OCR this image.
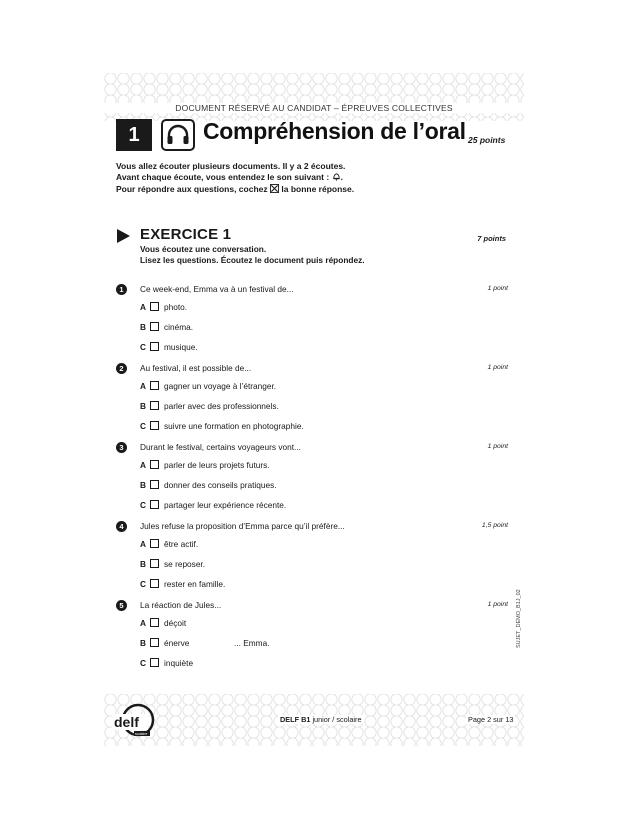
DOCUMENT RÉSERVÉ AU CANDIDAT – ÉPREUVES COLLECTIVES
1	Compréhension de l’oral 25 points
Vous allez écouter plusieurs documents. Il y a 2 écoutes.
Avant chaque écoute, vous entendez le son suivant : .
Pour répondre aux questions, cochez la bonne réponse.
EXERCICE 1	7 points
Vous écoutez une conversation.
Lisez les questions. Écoutez le document puis répondez.
1	Ce week-end, Emma va à un festival de...	1 point
A photo.
B cinéma.
C musique.
2	Au festival, il est possible de...	1 point
A gagner un voyage à l’étranger.
B parler avec des professionnels.
C suivre une formation en photographie.
3	Durant le festival, certains voyageurs vont...	1 point
A parler de leurs projets futurs.
B donner des conseils pratiques.
C partager leur expérience récente.
4	Jules refuse la proposition d’Emma parce qu’il préfère...	1,5 point
A être actif.
B se reposer.
C rester en famille.
5	La réaction de Jules...	1 point
A déçoit
B énerve	... Emma.
C inquiète
SUJET_DEMO_B1J_02
delf
scolaire
DELF B1 junior / scolaire	Page 2 sur 13
